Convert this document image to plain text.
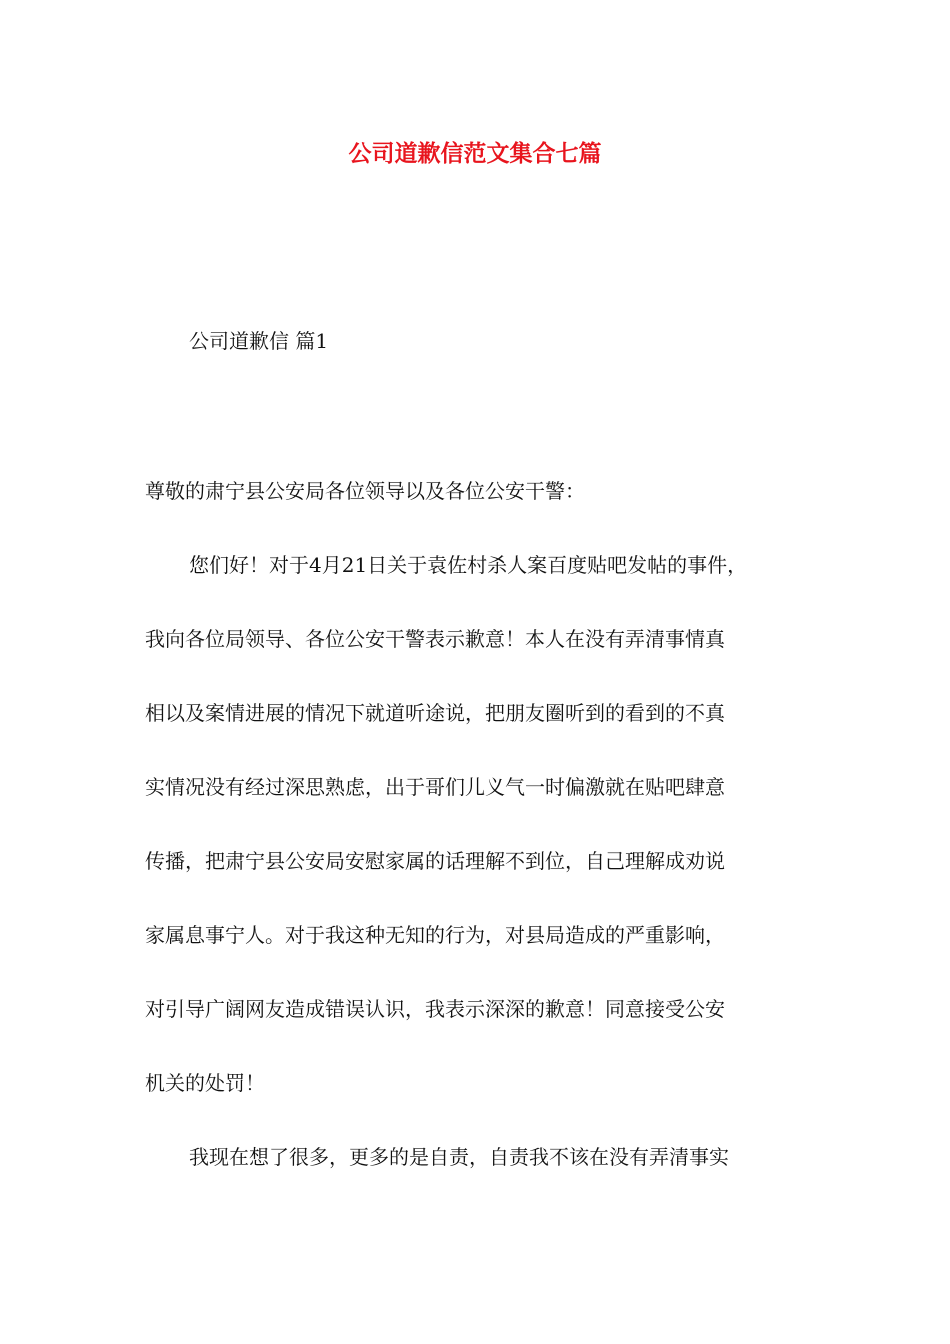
公司道歉信范文集合七篇

公司道歉信 篇1

尊敬的肃宁县公安局各位领导以及各位公安干警：

您们好！对于4月21日关于袁佐村杀人案百度贴吧发帖的事件，
我向各位局领导、各位公安干警表示歉意！本人在没有弄清事情真
相以及案情进展的情况下就道听途说，把朋友圈听到的看到的不真
实情况没有经过深思熟虑，出于哥们儿义气一时偏激就在贴吧肆意
传播，把肃宁县公安局安慰家属的话理解不到位，自己理解成劝说
家属息事宁人。对于我这种无知的行为，对县局造成的严重影响，
对引导广阔网友造成错误认识，我表示深深的歉意！同意接受公安
机关的处罚！
我现在想了很多，更多的是自责，自责我不该在没有弄清事实
